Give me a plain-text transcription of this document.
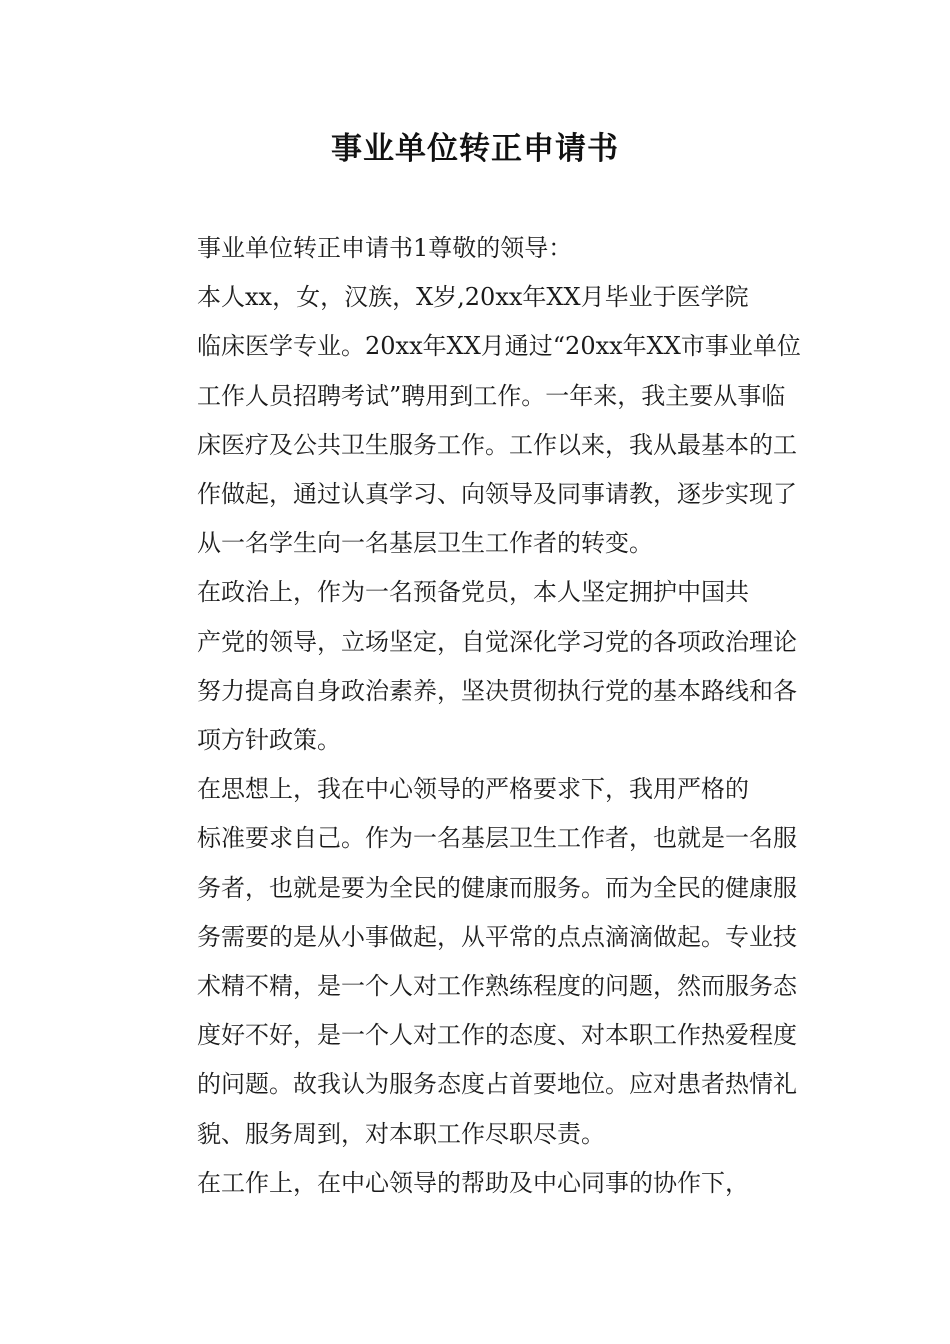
事业单位转正申请书

事业单位转正申请书1尊敬的领导：

本人xx，女，汉族，X岁,20xx年XX月毕业于医学院
临床医学专业。20xx年XX月通过“20xx年XX市事业单位
工作人员招聘考试”聘用到工作。一年来，我主要从事临
床医疗及公共卫生服务工作。工作以来，我从最基本的工
作做起，通过认真学习、向领导及同事请教，逐步实现了
从一名学生向一名基层卫生工作者的转变。

在政治上，作为一名预备党员，本人坚定拥护中国共
产党的领导，立场坚定，自觉深化学习党的各项政治理论
努力提高自身政治素养，坚决贯彻执行党的基本路线和各
项方针政策。

在思想上，我在中心领导的严格要求下，我用严格的
标准要求自己。作为一名基层卫生工作者，也就是一名服
务者，也就是要为全民的健康而服务。而为全民的健康服
务需要的是从小事做起，从平常的点点滴滴做起。专业技
术精不精，是一个人对工作熟练程度的问题，然而服务态
度好不好，是一个人对工作的态度、对本职工作热爱程度
的问题。故我认为服务态度占首要地位。应对患者热情礼
貌、服务周到，对本职工作尽职尽责。

在工作上，在中心领导的帮助及中心同事的协作下，
